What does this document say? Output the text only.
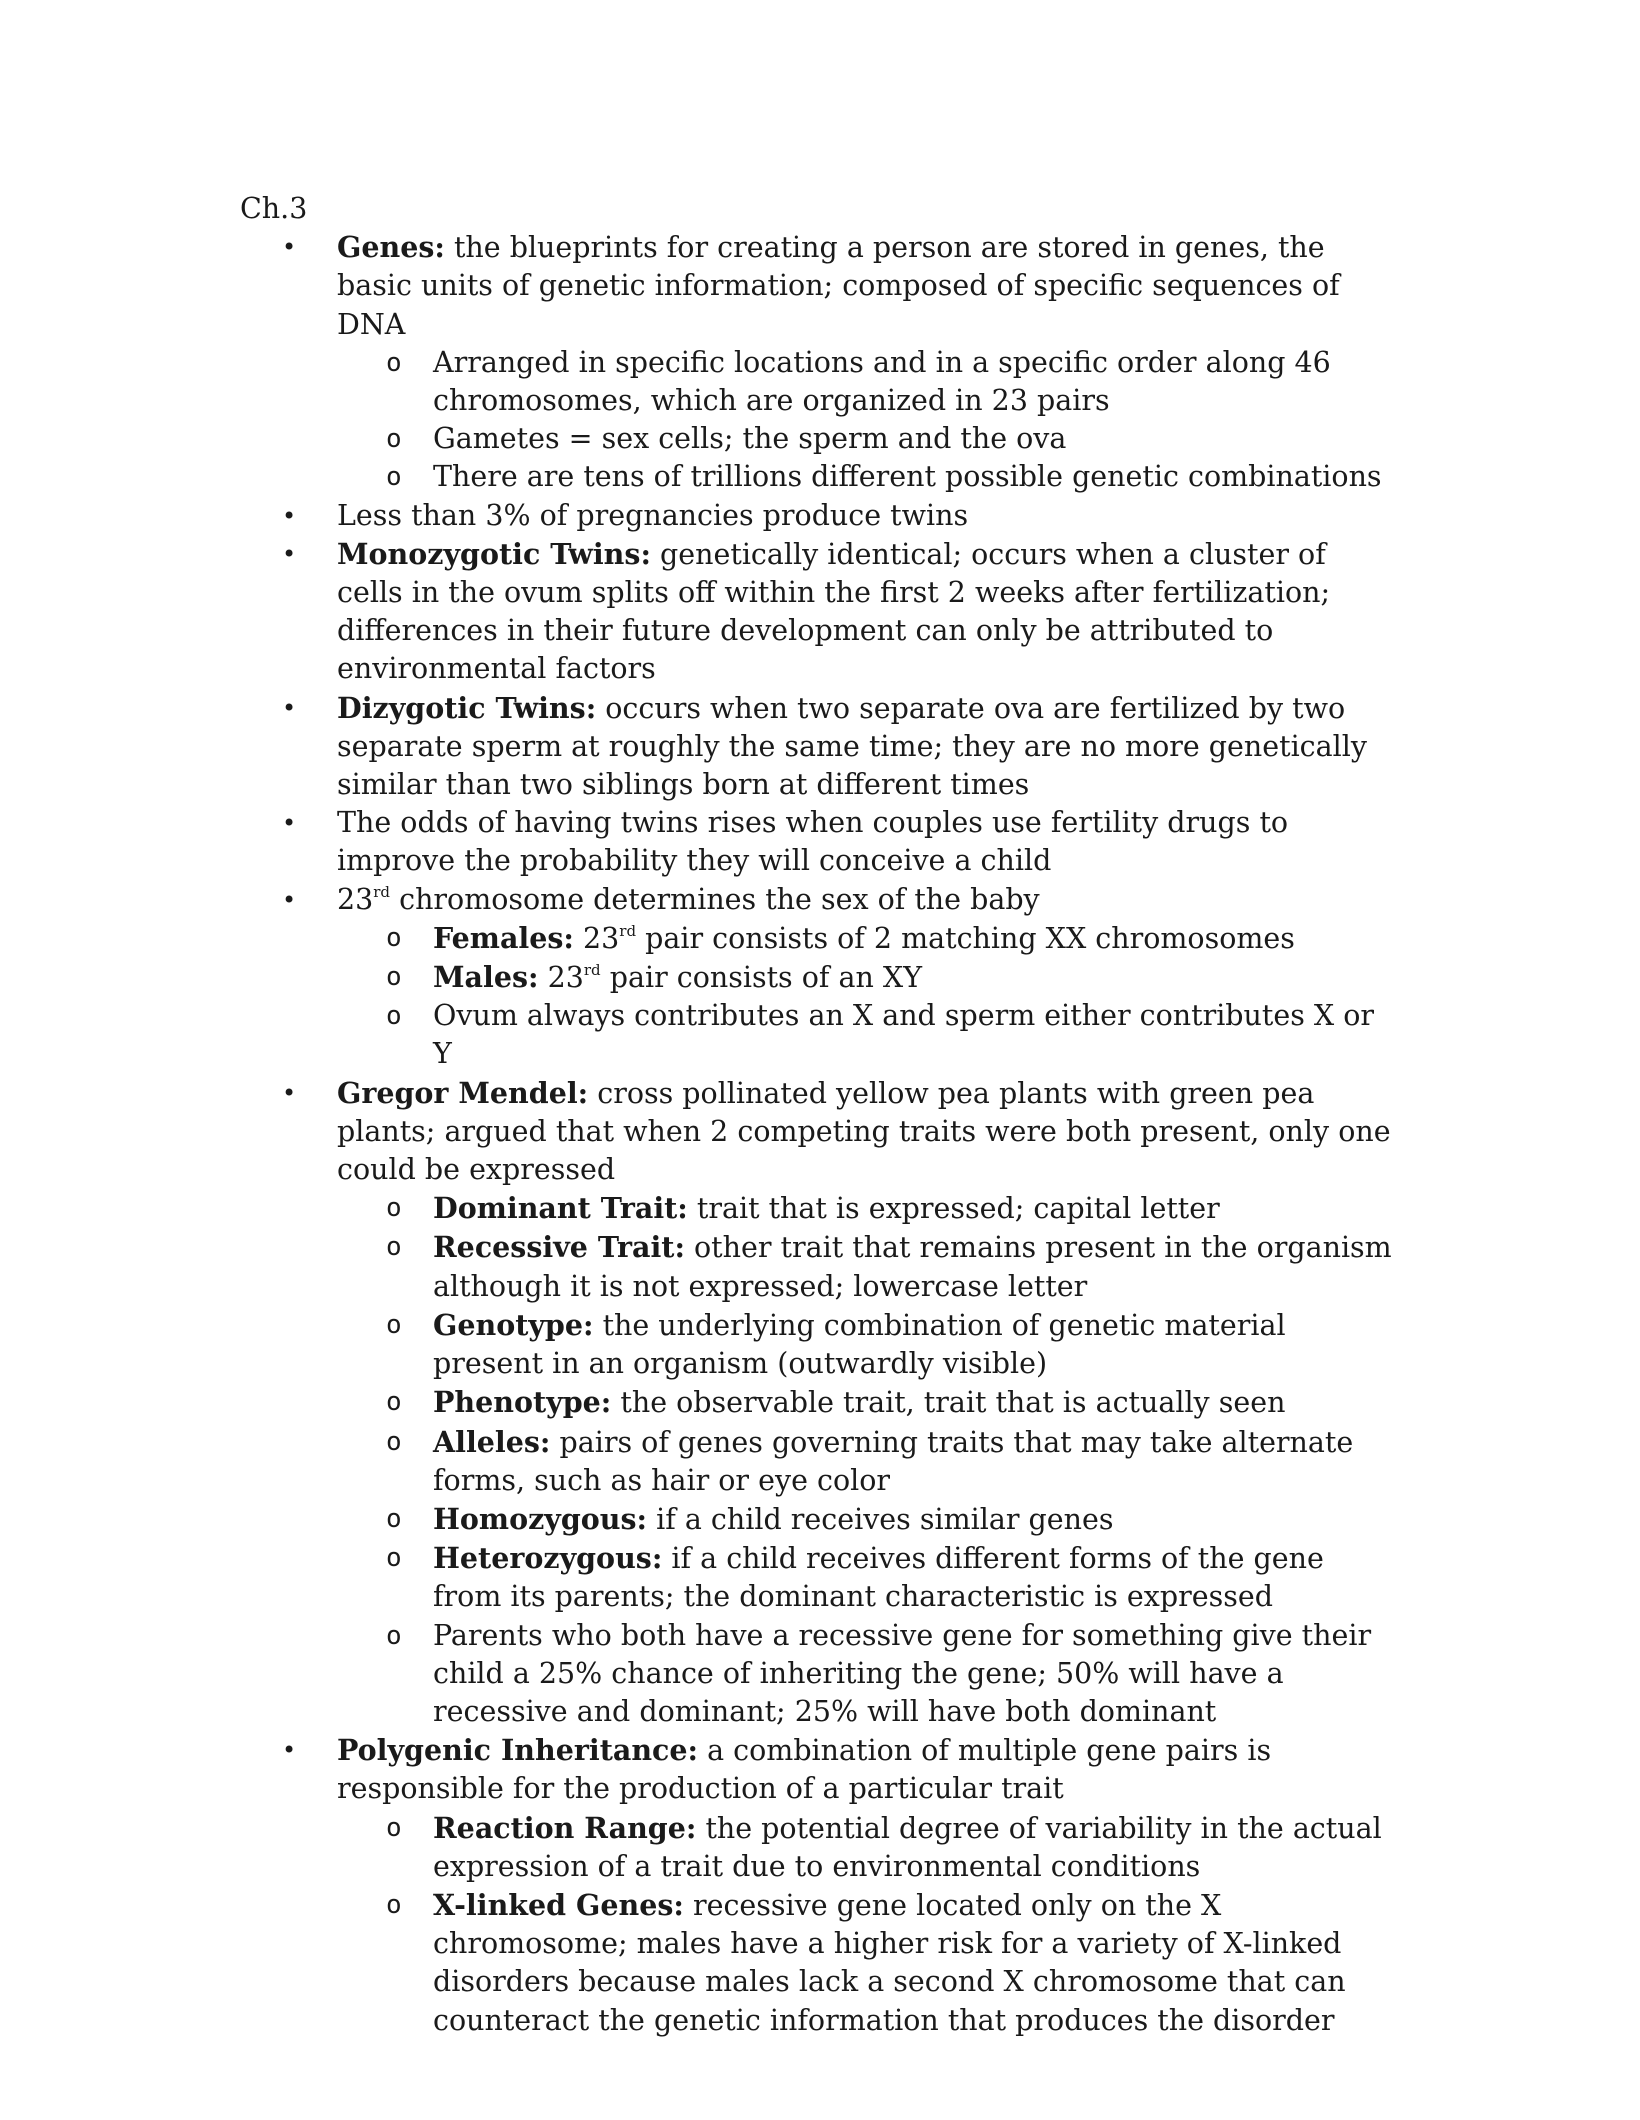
Ch.3
• Genes: the blueprints for creating a person are stored in genes, the basic units of genetic information; composed of specific sequences of DNA
o Arranged in specific locations and in a specific order along 46 chromosomes, which are organized in 23 pairs
o Gametes = sex cells; the sperm and the ova
o There are tens of trillions different possible genetic combinations
• Less than 3% of pregnancies produce twins
• Monozygotic Twins: genetically identical; occurs when a cluster of cells in the ovum splits off within the first 2 weeks after fertilization; differences in their future development can only be attributed to environmental factors
• Dizygotic Twins: occurs when two separate ova are fertilized by two separate sperm at roughly the same time; they are no more genetically similar than two siblings born at different times
• The odds of having twins rises when couples use fertility drugs to improve the probability they will conceive a child
• 23rd chromosome determines the sex of the baby
o Females: 23rd pair consists of 2 matching XX chromosomes
o Males: 23rd pair consists of an XY
o Ovum always contributes an X and sperm either contributes X or Y
• Gregor Mendel: cross pollinated yellow pea plants with green pea plants; argued that when 2 competing traits were both present, only one could be expressed
o Dominant Trait: trait that is expressed; capital letter
o Recessive Trait: other trait that remains present in the organism although it is not expressed; lowercase letter
o Genotype: the underlying combination of genetic material present in an organism (outwardly visible)
o Phenotype: the observable trait, trait that is actually seen
o Alleles: pairs of genes governing traits that may take alternate forms, such as hair or eye color
o Homozygous: if a child receives similar genes
o Heterozygous: if a child receives different forms of the gene from its parents; the dominant characteristic is expressed
o Parents who both have a recessive gene for something give their child a 25% chance of inheriting the gene; 50% will have a recessive and dominant; 25% will have both dominant
• Polygenic Inheritance: a combination of multiple gene pairs is responsible for the production of a particular trait
o Reaction Range: the potential degree of variability in the actual expression of a trait due to environmental conditions
o X-linked Genes: recessive gene located only on the X chromosome; males have a higher risk for a variety of X-linked disorders because males lack a second X chromosome that can counteract the genetic information that produces the disorder
